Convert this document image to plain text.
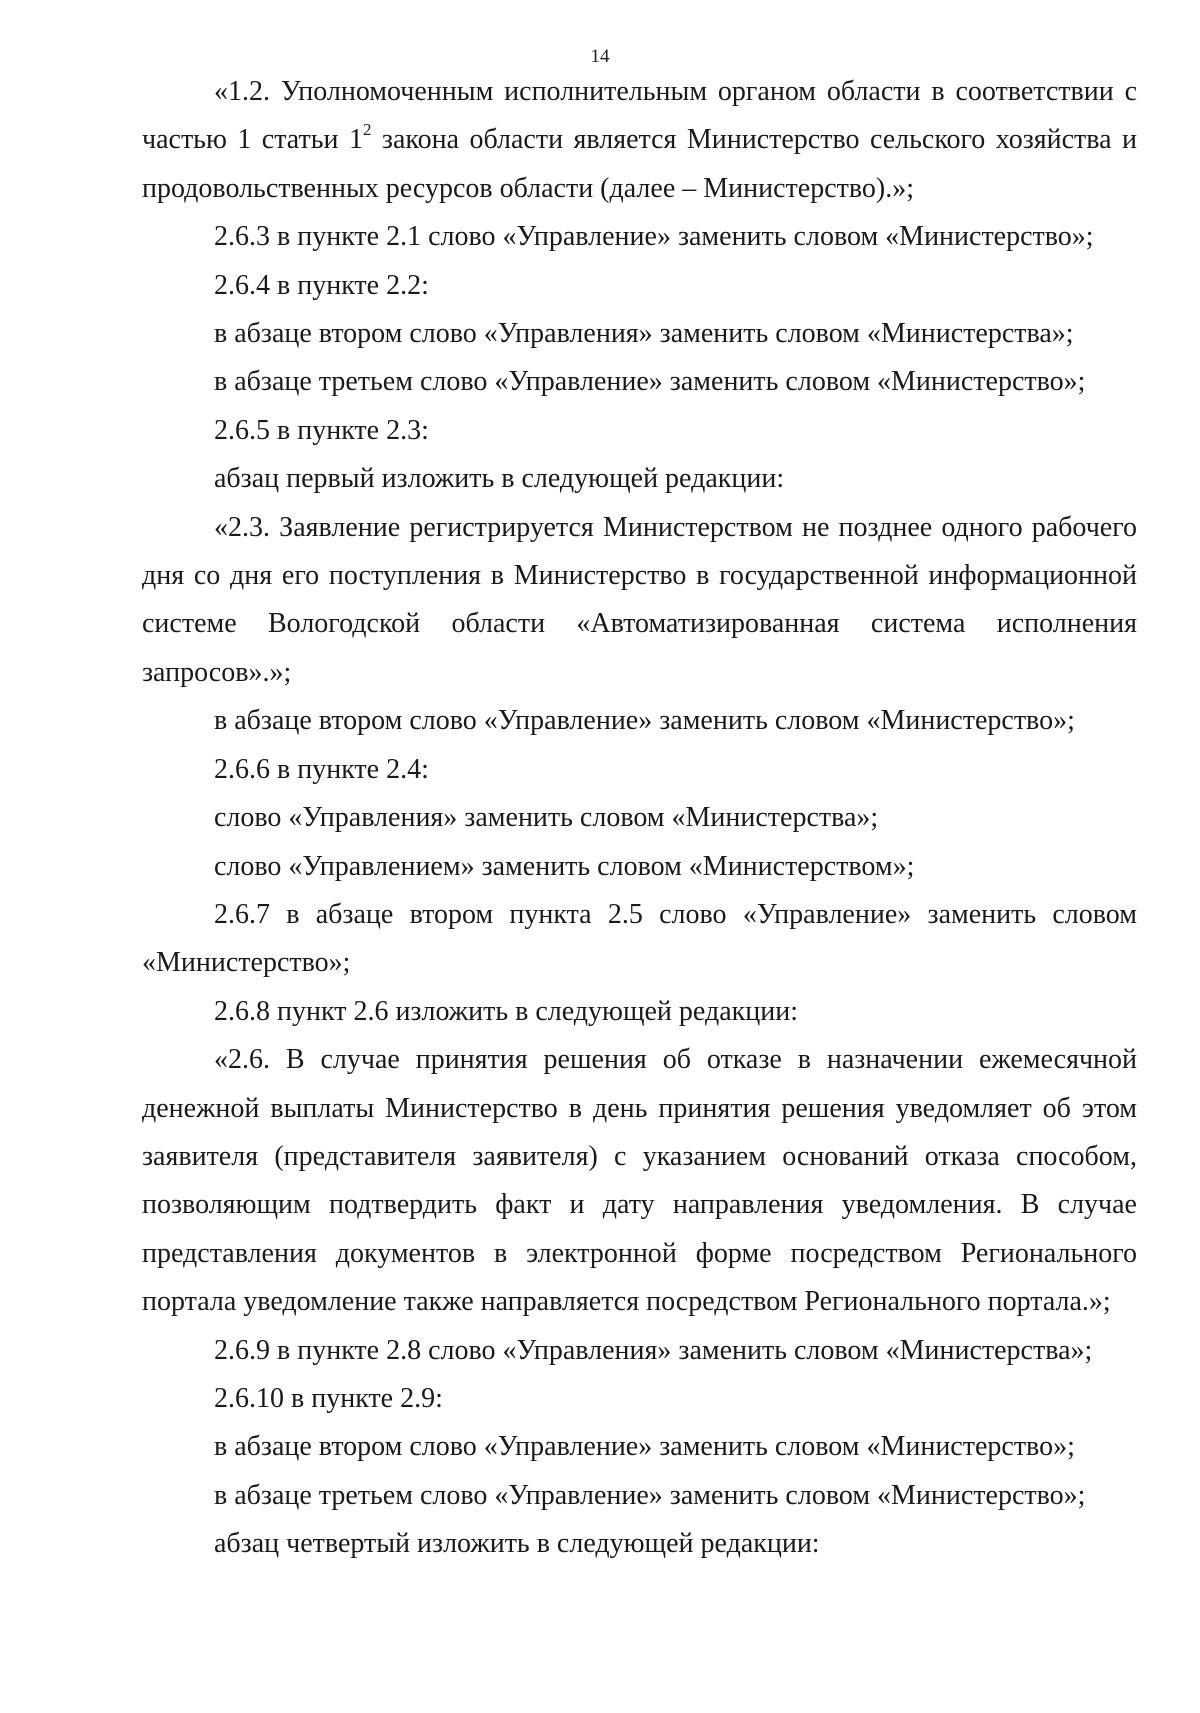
14

«1.2. Уполномоченным исполнительным органом области в соответствии с частью 1 статьи $1^2$ закона области является Министерство сельского хозяйства и продовольственных ресурсов области (далее – Министерство).»;

2.6.3 в пункте 2.1 слово «Управление» заменить словом «Министерство»;

2.6.4 в пункте 2.2:

в абзаце втором слово «Управления» заменить словом «Министерства»;

в абзаце третьем слово «Управление» заменить словом «Министерство»;

2.6.5 в пункте 2.3:

абзац первый изложить в следующей редакции:

«2.3. Заявление регистрируется Министерством не позднее одного рабочего дня со дня его поступления в Министерство в государственной информационной системе Вологодской области «Автоматизированная система исполнения запросов».»;

в абзаце втором слово «Управление» заменить словом «Министерство»;

2.6.6 в пункте 2.4:

слово «Управления» заменить словом «Министерства»;

слово «Управлением» заменить словом «Министерством»;

2.6.7 в абзаце втором пункта 2.5 слово «Управление» заменить словом «Министерство»;

2.6.8 пункт 2.6 изложить в следующей редакции:

«2.6. В случае принятия решения об отказе в назначении ежемесячной денежной выплаты Министерство в день принятия решения уведомляет об этом заявителя (представителя заявителя) с указанием оснований отказа способом, позволяющим подтвердить факт и дату направления уведомления. В случае представления документов в электронной форме посредством Регионального портала уведомление также направляется посредством Регионального портала.»;

2.6.9 в пункте 2.8 слово «Управления» заменить словом «Министерства»;

2.6.10 в пункте 2.9:

в абзаце втором слово «Управление» заменить словом «Министерство»;

в абзаце третьем слово «Управление» заменить словом «Министерство»;

абзац четвертый изложить в следующей редакции:
